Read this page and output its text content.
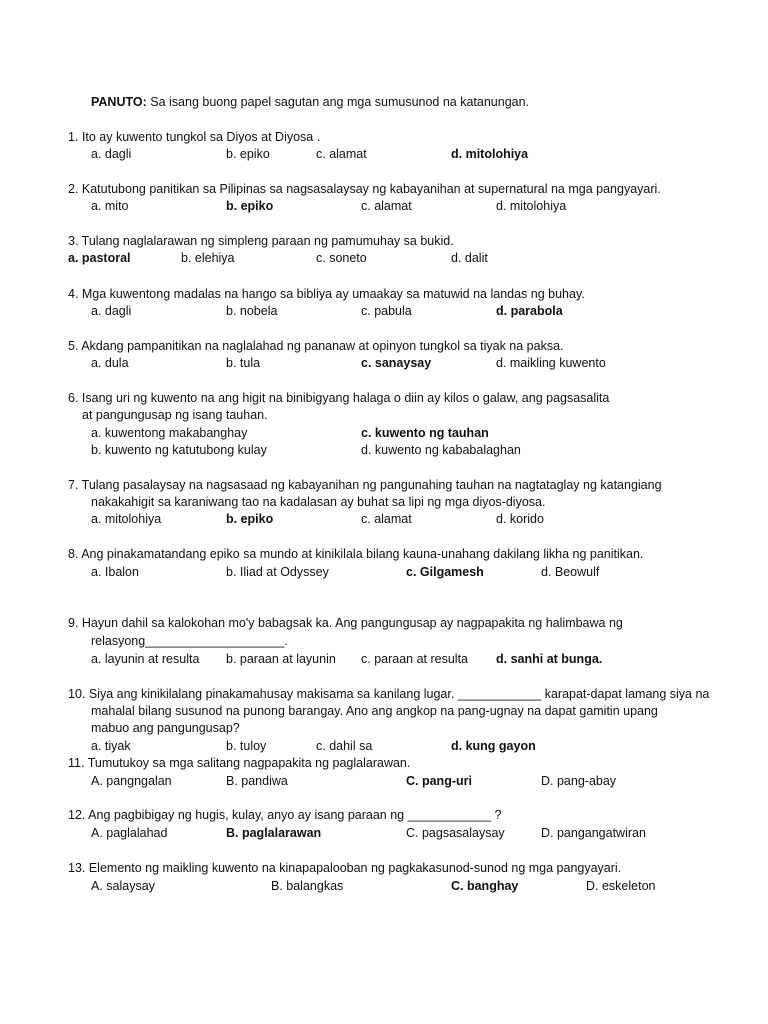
PANUTO: Sa isang buong papel sagutan ang mga sumusunod na katanungan.
1. Ito ay kuwento tungkol sa Diyos at Diyosa .
a. dagli	b. epiko	c. alamat	d. mitolohiya
2. Katutubong panitikan sa Pilipinas sa nagsasalaysay ng kabayanihan at supernatural na mga pangyayari.
a. mito	b. epiko	c. alamat	d. mitolohiya
3. Tulang naglalarawan ng simpleng paraan ng pamumuhay sa bukid.
a. pastoral	b. elehiya	c. soneto	d. dalit
4. Mga kuwentong madalas na hango sa bibliya ay umaakay sa matuwid na landas ng buhay.
a. dagli	b. nobela	c. pabula	d. parabola
5. Akdang pampanitikan na naglalahad ng pananaw at opinyon tungkol sa tiyak na paksa.
a. dula	b. tula	c. sanaysay	d. maikling kuwento
6. Isang uri ng kuwento na ang higit na binibigyang halaga o diin ay kilos o galaw, ang pagsasalita
at pangungusap ng isang tauhan.
a. kuwentong makabanghay	c. kuwento ng tauhan
b. kuwento ng katutubong kulay	d. kuwento ng kababalaghan
7. Tulang pasalaysay na nagsasaad ng kabayanihan ng pangunahing tauhan na nagtataglay ng katangiang
nakakahigit sa karaniwang tao na kadalasan ay buhat sa lipi ng mga diyos-diyosa.
a. mitolohiya	b. epiko	c. alamat	d. korido
8. Ang pinakamatandang epiko sa mundo at kinikilala bilang kauna-unahang dakilang likha ng panitikan.
a. Ibalon	b. Iliad at Odyssey	c. Gilgamesh	d. Beowulf
9. Hayun dahil sa kalokohan mo'y babagsak ka. Ang pangungusap ay nagpapakita ng halimbawa ng
relasyong____________________.
a. layunin at resulta b. paraan at layunin c. paraan at resulta d. sanhi at bunga.
10. Siya ang kinikilalang pinakamahusay makisama sa kanilang lugar. ____________ karapat-dapat lamang siya na
mahalal bilang susunod na punong barangay. Ano ang angkop na pang-ugnay na dapat gamitin upang
mabuo ang pangungusap?
a. tiyak	b. tuloy	c. dahil sa	d. kung gayon
11. Tumutukoy sa mga salitang nagpapakita ng paglalarawan.
A. pangngalan	B. pandiwa	C. pang-uri	D. pang-abay
12. Ang pagbibigay ng hugis, kulay, anyo ay isang paraan ng ____________ ?
A. paglalahad	B. paglalarawan	C. pagsasalaysay	D. pangangatwiran
13. Elemento ng maikling kuwento na kinapapalooban ng pagkakasunod-sunod ng mga pangyayari.
A. salaysay	B. balangkas	C. banghay	D. eskeleton
